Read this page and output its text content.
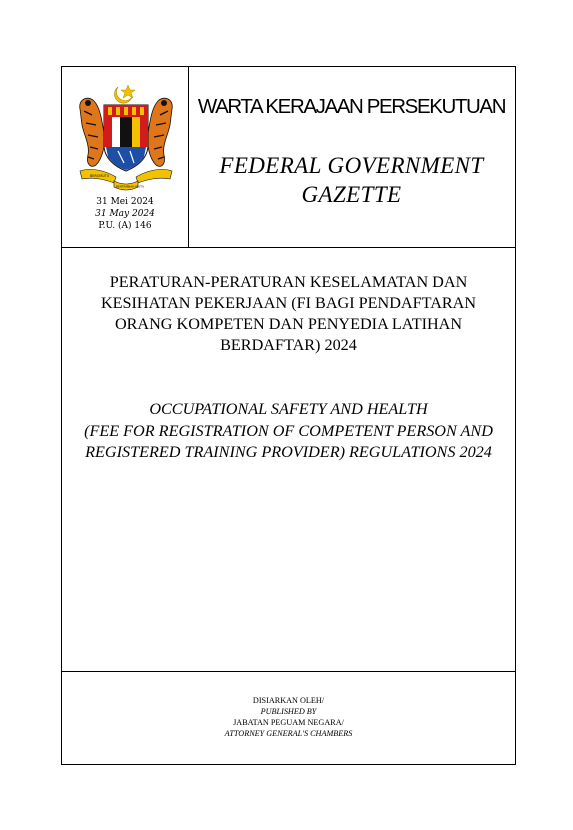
BERSEKUTU
BERTAMBAH MUTU
31 Mei 2024
31 May 2024
P.U. (A) 146
WARTA KERAJAAN PERSEKUTUAN
FEDERAL GOVERNMENT
GAZETTE
PERATURAN-PERATURAN KESELAMATAN DAN
KESIHATAN PEKERJAAN (FI BAGI PENDAFTARAN
ORANG KOMPETEN DAN PENYEDIA LATIHAN
BERDAFTAR) 2024
OCCUPATIONAL SAFETY AND HEALTH
(FEE FOR REGISTRATION OF COMPETENT PERSON AND
REGISTERED TRAINING PROVIDER) REGULATIONS 2024
DISIARKAN OLEH/
PUBLISHED BY
JABATAN PEGUAM NEGARA/
ATTORNEY GENERAL'S CHAMBERS
